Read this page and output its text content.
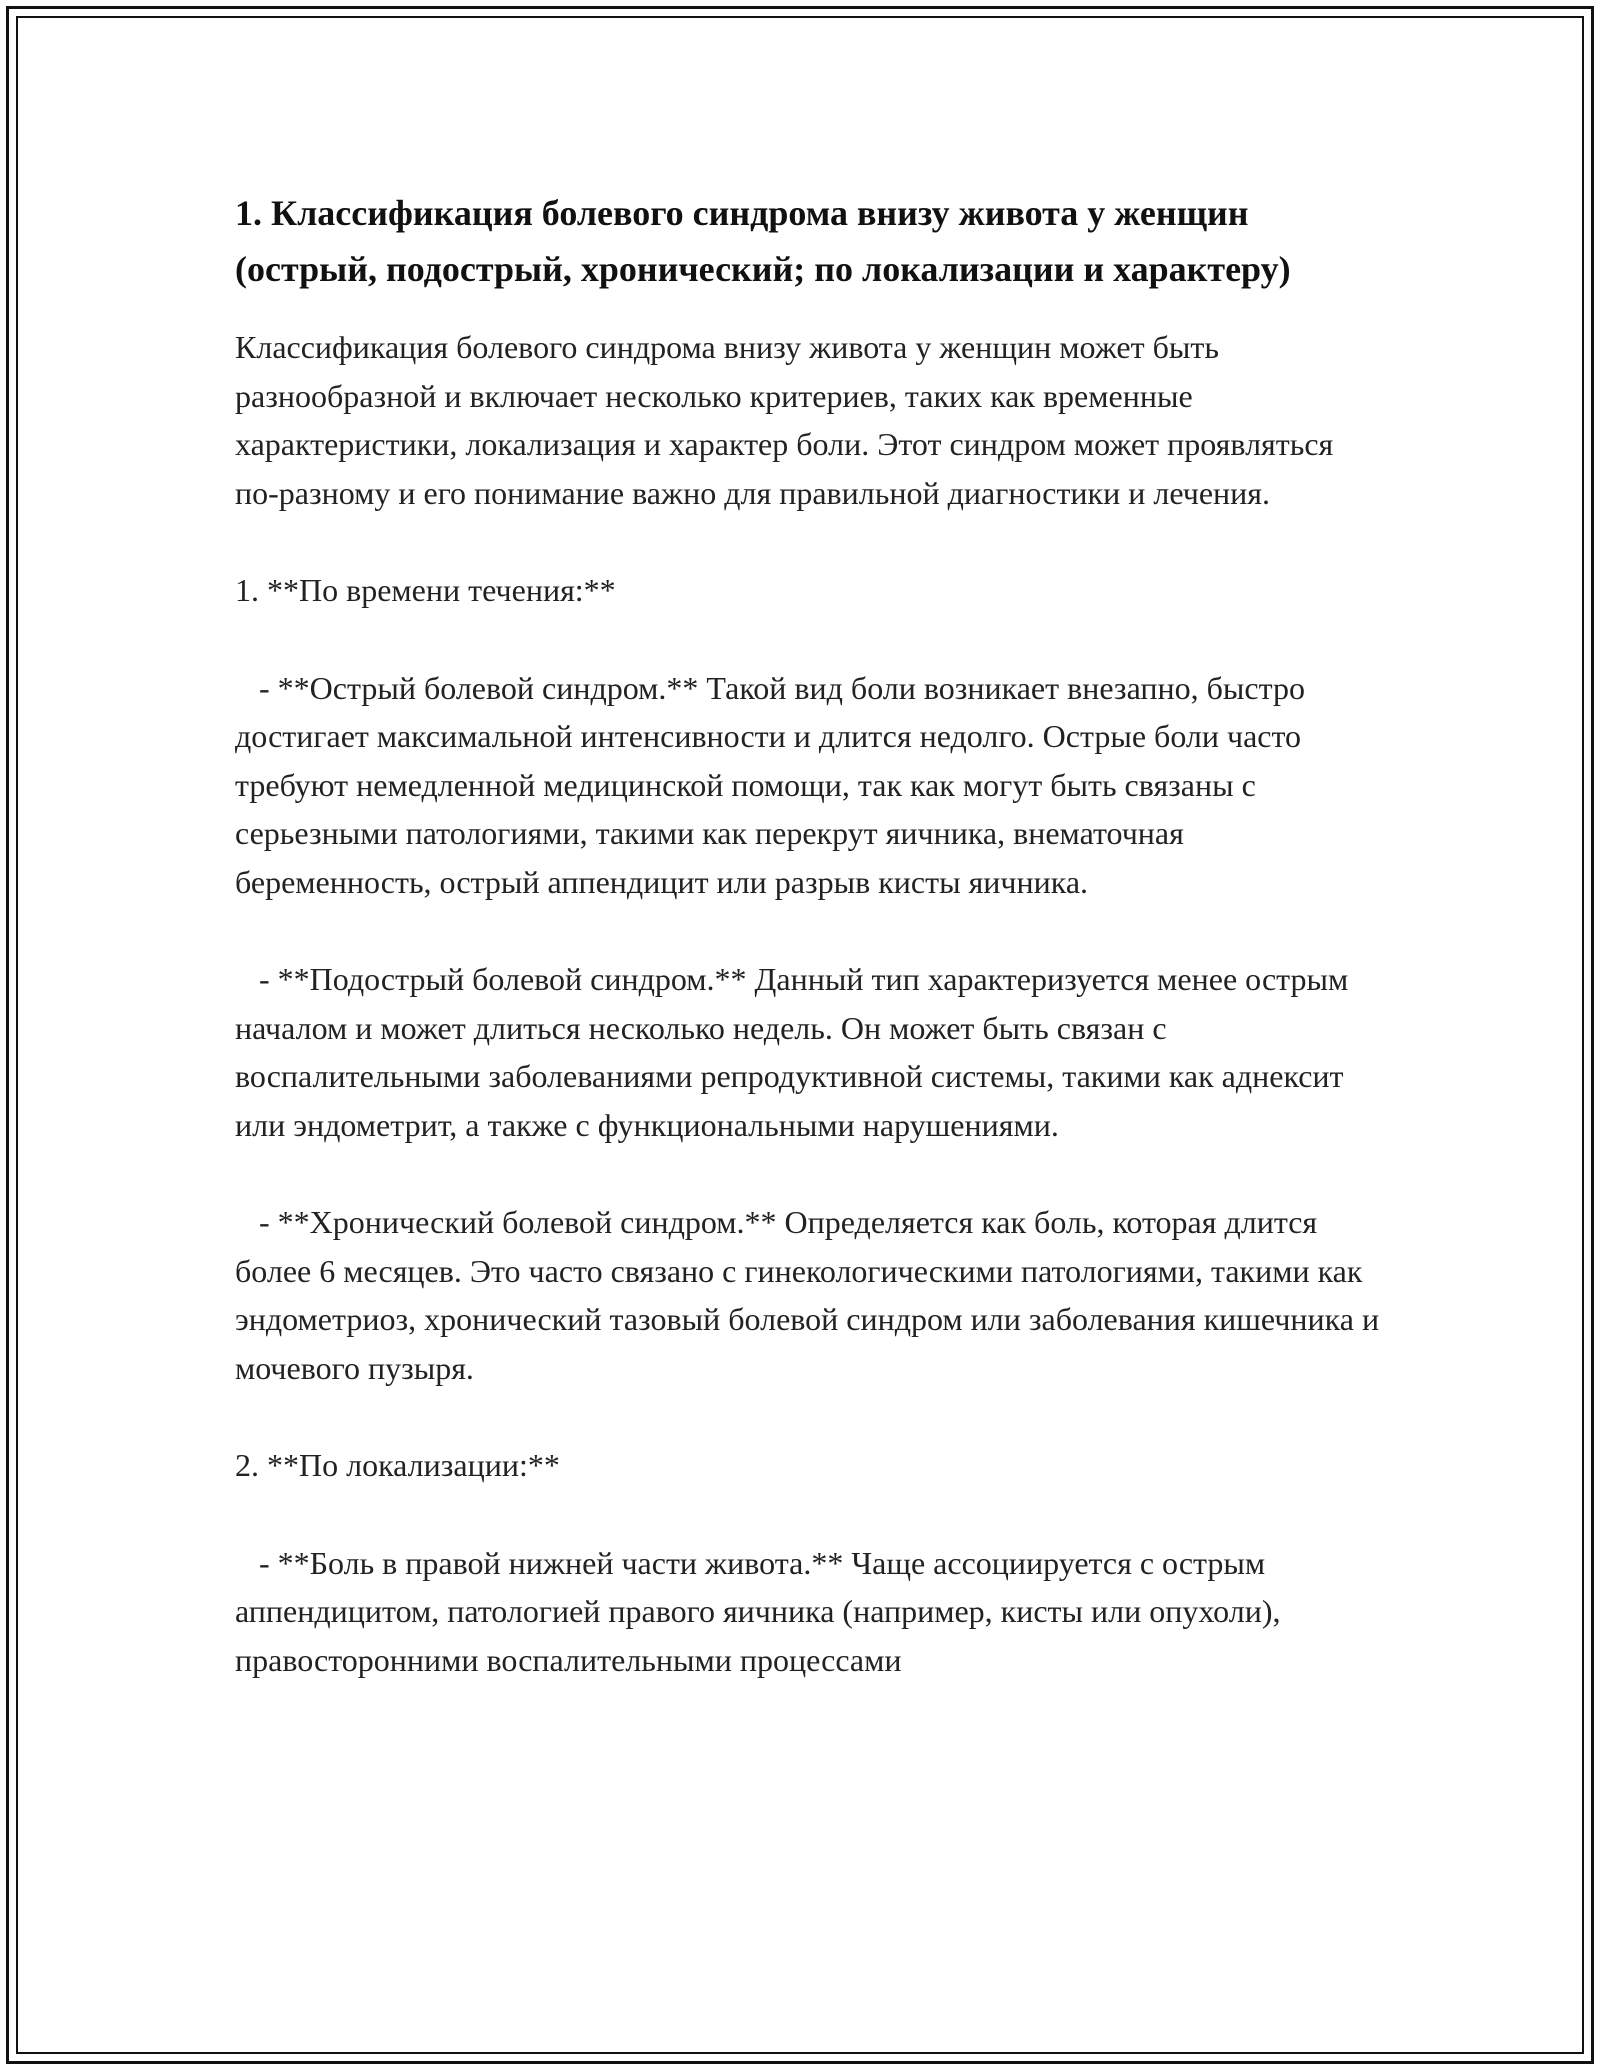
1. Классификация болевого синдрома внизу живота у женщин (острый, подострый, хронический; по локализации и характеру)

Классификация болевого синдрома внизу живота у женщин может быть разнообразной и включает несколько критериев, таких как временные характеристики, локализация и характер боли. Этот синдром может проявляться по-разному и его понимание важно для правильной диагностики и лечения.

1. **По времени течения:**

- **Острый болевой синдром.** Такой вид боли возникает внезапно, быстро достигает максимальной интенсивности и длится недолго. Острые боли часто требуют немедленной медицинской помощи, так как могут быть связаны с серьезными патологиями, такими как перекрут яичника, внематочная беременность, острый аппендицит или разрыв кисты яичника.

- **Подострый болевой синдром.** Данный тип характеризуется менее острым началом и может длиться несколько недель. Он может быть связан с воспалительными заболеваниями репродуктивной системы, такими как аднексит или эндометрит, а также с функциональными нарушениями.

- **Хронический болевой синдром.** Определяется как боль, которая длится более 6 месяцев. Это часто связано с гинекологическими патологиями, такими как эндометриоз, хронический тазовый болевой синдром или заболевания кишечника и мочевого пузыря.

2. **По локализации:**

- **Боль в правой нижней части живота.** Чаще ассоциируется с острым аппендицитом, патологией правого яичника (например, кисты или опухоли), правосторонними воспалительными процессами
